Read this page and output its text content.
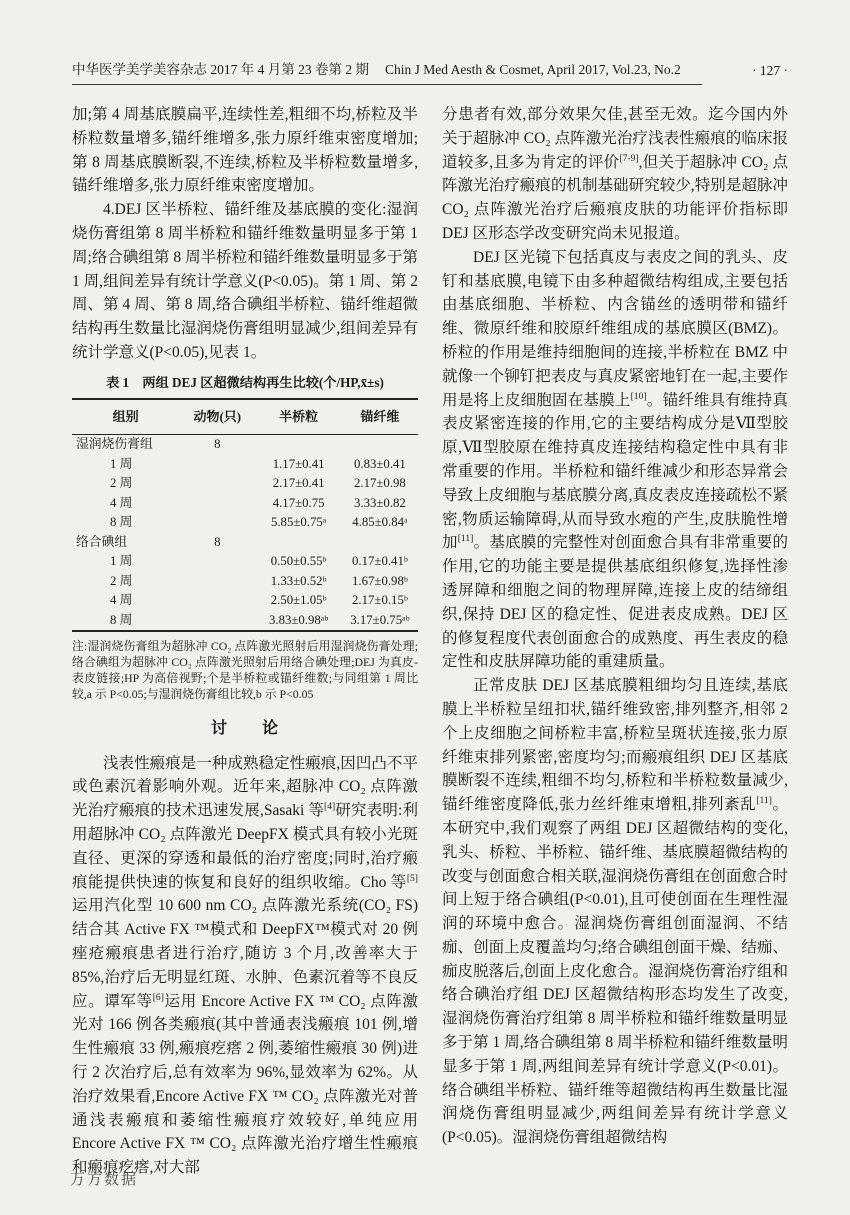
中华医学美学美容杂志 2017 年 4 月第 23 卷第 2 期 Chin J Med Aesth & Cosmet, April 2017, Vol.23, No.2	· 127 ·

加;第 4 周基底膜扁平,连续性差,粗细不均,桥粒及半桥粒数量增多,锚纤维增多,张力原纤维束密度增加;第 8 周基底膜断裂,不连续,桥粒及半桥粒数量增多,锚纤维增多,张力原纤维束密度增加。

4.DEJ 区半桥粒、锚纤维及基底膜的变化:湿润烧伤膏组第 8 周半桥粒和锚纤维数量明显多于第 1 周;络合碘组第 8 周半桥粒和锚纤维数量明显多于第 1 周,组间差异有统计学意义(P<0.05)。第 1 周、第 2 周、第 4 周、第 8 周,络合碘组半桥粒、锚纤维超微结构再生数量比湿润烧伤膏组明显减少,组间差异有统计学意义(P<0.05),见表 1。

表 1　两组 DEJ 区超微结构再生比较(个/HP,x̄±s)
组别	动物(只)	半桥粒	锚纤维
湿润烧伤膏组	8		
1 周		1.17±0.41	0.83±0.41
2 周		2.17±0.41	2.17±0.98
4 周		4.17±0.75	3.33±0.82
8 周		5.85±0.75ᵃ	4.85±0.84ᵃ
络合碘组	8		
1 周		0.50±0.55ᵇ	0.17±0.41ᵇ
2 周		1.33±0.52ᵇ	1.67±0.98ᵇ
4 周		2.50±1.05ᵇ	2.17±0.15ᵇ
8 周		3.83±0.98ᵃᵇ	3.17±0.75ᵃᵇ
注:湿润烧伤膏组为超脉冲 CO₂ 点阵激光照射后用湿润烧伤膏处理;络合碘组为超脉冲 CO₂ 点阵激光照射后用络合碘处理;DEJ 为真皮-表皮链接;HP 为高倍视野;个是半桥粒或锚纤维数;与同组第 1 周比较,a 示 P<0.05;与湿润烧伤膏组比较,b 示 P<0.05
讨　　论

浅表性瘢痕是一种成熟稳定性瘢痕,因凹凸不平或色素沉着影响外观。近年来,超脉冲 CO₂ 点阵激光治疗瘢痕的技术迅速发展,Sasaki 等[4]研究表明:利用超脉冲 CO₂ 点阵激光 DeepFX 模式具有较小光斑直径、更深的穿透和最低的治疗密度;同时,治疗瘢痕能提供快速的恢复和良好的组织收缩。Cho 等[5]运用汽化型 10 600 nm CO₂ 点阵激光系统(CO₂ FS)结合其 Active FX ™模式和 DeepFX™模式对 20 例痤疮瘢痕患者进行治疗,随访 3 个月,改善率大于 85%,治疗后无明显红斑、水肿、色素沉着等不良反应。谭军等[6]运用 Encore Active FX ™ CO₂ 点阵激光对 166 例各类瘢痕(其中普通表浅瘢痕 101 例,增生性瘢痕 33 例,瘢痕疙瘩 2 例,萎缩性瘢痕 30 例)进行 2 次治疗后,总有效率为 96%,显效率为 62%。从治疗效果看,Encore Active FX ™ CO₂ 点阵激光对普通浅表瘢痕和萎缩性瘢痕疗效较好,单纯应用 Encore Active FX ™ CO₂ 点阵激光治疗增生性瘢痕和瘢痕疙瘩,对大部

分患者有效,部分效果欠佳,甚至无效。迄今国内外关于超脉冲 CO₂ 点阵激光治疗浅表性瘢痕的临床报道较多,且多为肯定的评价[7-9],但关于超脉冲 CO₂ 点阵激光治疗瘢痕的机制基础研究较少,特别是超脉冲 CO₂ 点阵激光治疗后瘢痕皮肤的功能评价指标即 DEJ 区形态学改变研究尚未见报道。

DEJ 区光镜下包括真皮与表皮之间的乳头、皮钉和基底膜,电镜下由多种超微结构组成,主要包括由基底细胞、半桥粒、内含锚丝的透明带和锚纤维、微原纤维和胶原纤维组成的基底膜区(BMZ)。桥粒的作用是维持细胞间的连接,半桥粒在 BMZ 中就像一个铆钉把表皮与真皮紧密地钉在一起,主要作用是将上皮细胞固在基膜上[10]。锚纤维具有维持真表皮紧密连接的作用,它的主要结构成分是Ⅶ型胶原,Ⅶ型胶原在维持真皮连接结构稳定性中具有非常重要的作用。半桥粒和锚纤维减少和形态异常会导致上皮细胞与基底膜分离,真皮表皮连接疏松不紧密,物质运输障碍,从而导致水疱的产生,皮肤脆性增加[11]。基底膜的完整性对创面愈合具有非常重要的作用,它的功能主要是提供基底组织修复,选择性渗透屏障和细胞之间的物理屏障,连接上皮的结缔组织,保持 DEJ 区的稳定性、促进表皮成熟。DEJ 区的修复程度代表创面愈合的成熟度、再生表皮的稳定性和皮肤屏障功能的重建质量。

正常皮肤 DEJ 区基底膜粗细均匀且连续,基底膜上半桥粒呈纽扣状,锚纤维致密,排列整齐,相邻 2 个上皮细胞之间桥粒丰富,桥粒呈斑状连接,张力原纤维束排列紧密,密度均匀;而瘢痕组织 DEJ 区基底膜断裂不连续,粗细不均匀,桥粒和半桥粒数量减少,锚纤维密度降低,张力丝纤维束增粗,排列紊乱[11]。本研究中,我们观察了两组 DEJ 区超微结构的变化,乳头、桥粒、半桥粒、锚纤维、基底膜超微结构的改变与创面愈合相关联,湿润烧伤膏组在创面愈合时间上短于络合碘组(P<0.01),且可使创面在生理性湿润的环境中愈合。湿润烧伤膏组创面湿润、不结痂、创面上皮覆盖均匀;络合碘组创面干燥、结痂、痂皮脱落后,创面上皮化愈合。湿润烧伤膏治疗组和络合碘治疗组 DEJ 区超微结构形态均发生了改变,湿润烧伤膏治疗组第 8 周半桥粒和锚纤维数量明显多于第 1 周,络合碘组第 8 周半桥粒和锚纤维数量明显多于第 1 周,两组间差异有统计学意义(P<0.01)。络合碘组半桥粒、锚纤维等超微结构再生数量比湿润烧伤膏组明显减少,两组间差异有统计学意义(P<0.05)。湿润烧伤膏组超微结构

万方数据
